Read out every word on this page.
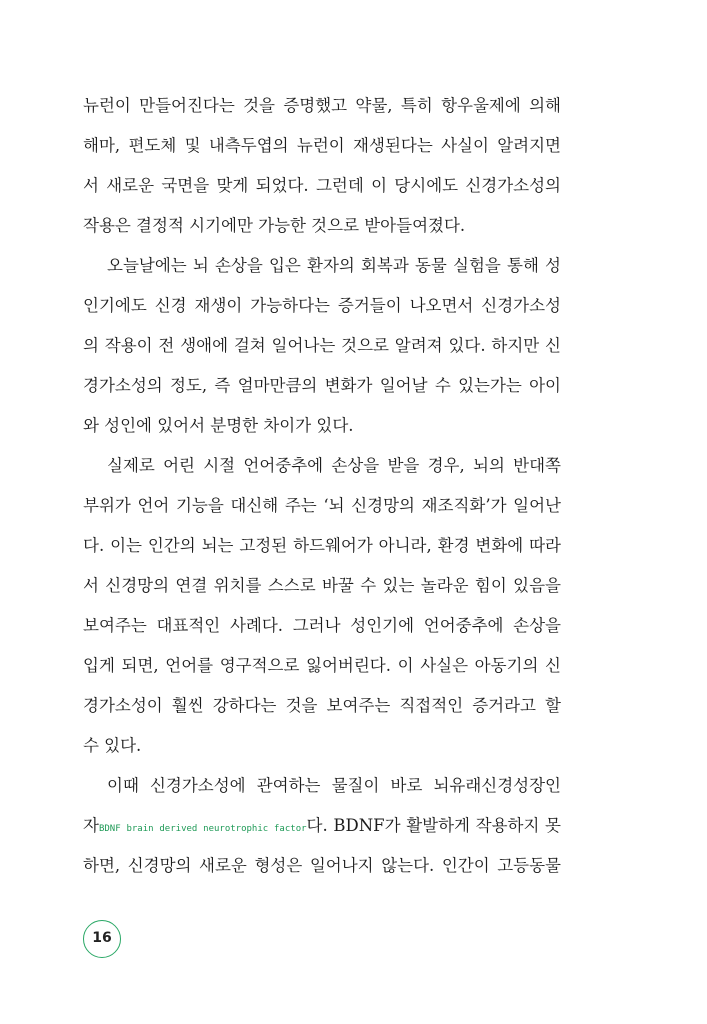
뉴런이 만들어진다는 것을 증명했고 약물, 특히 항우울제에 의해
해마, 편도체 및 내측두엽의 뉴런이 재생된다는 사실이 알려지면
서 새로운 국면을 맞게 되었다. 그런데 이 당시에도 신경가소성의
작용은 결정적 시기에만 가능한 것으로 받아들여졌다.
오늘날에는 뇌 손상을 입은 환자의 회복과 동물 실험을 통해 성
인기에도 신경 재생이 가능하다는 증거들이 나오면서 신경가소성
의 작용이 전 생애에 걸쳐 일어나는 것으로 알려져 있다. 하지만 신
경가소성의 정도, 즉 얼마만큼의 변화가 일어날 수 있는가는 아이
와 성인에 있어서 분명한 차이가 있다.
실제로 어린 시절 언어중추에 손상을 받을 경우, 뇌의 반대쪽
부위가 언어 기능을 대신해 주는 ‘뇌 신경망의 재조직화’가 일어난
다. 이는 인간의 뇌는 고정된 하드웨어가 아니라, 환경 변화에 따라
서 신경망의 연결 위치를 스스로 바꿀 수 있는 놀라운 힘이 있음을
보여주는 대표적인 사례다. 그러나 성인기에 언어중추에 손상을
입게 되면, 언어를 영구적으로 잃어버린다. 이 사실은 아동기의 신
경가소성이 훨씬 강하다는 것을 보여주는 직접적인 증거라고 할
수 있다.
이때 신경가소성에 관여하는 물질이 바로 뇌유래신경성장인
자BDNF brain derived neurotrophic factor다. BDNF가 활발하게 작용하지 못
하면, 신경망의 새로운 형성은 일어나지 않는다. 인간이 고등동물
16
